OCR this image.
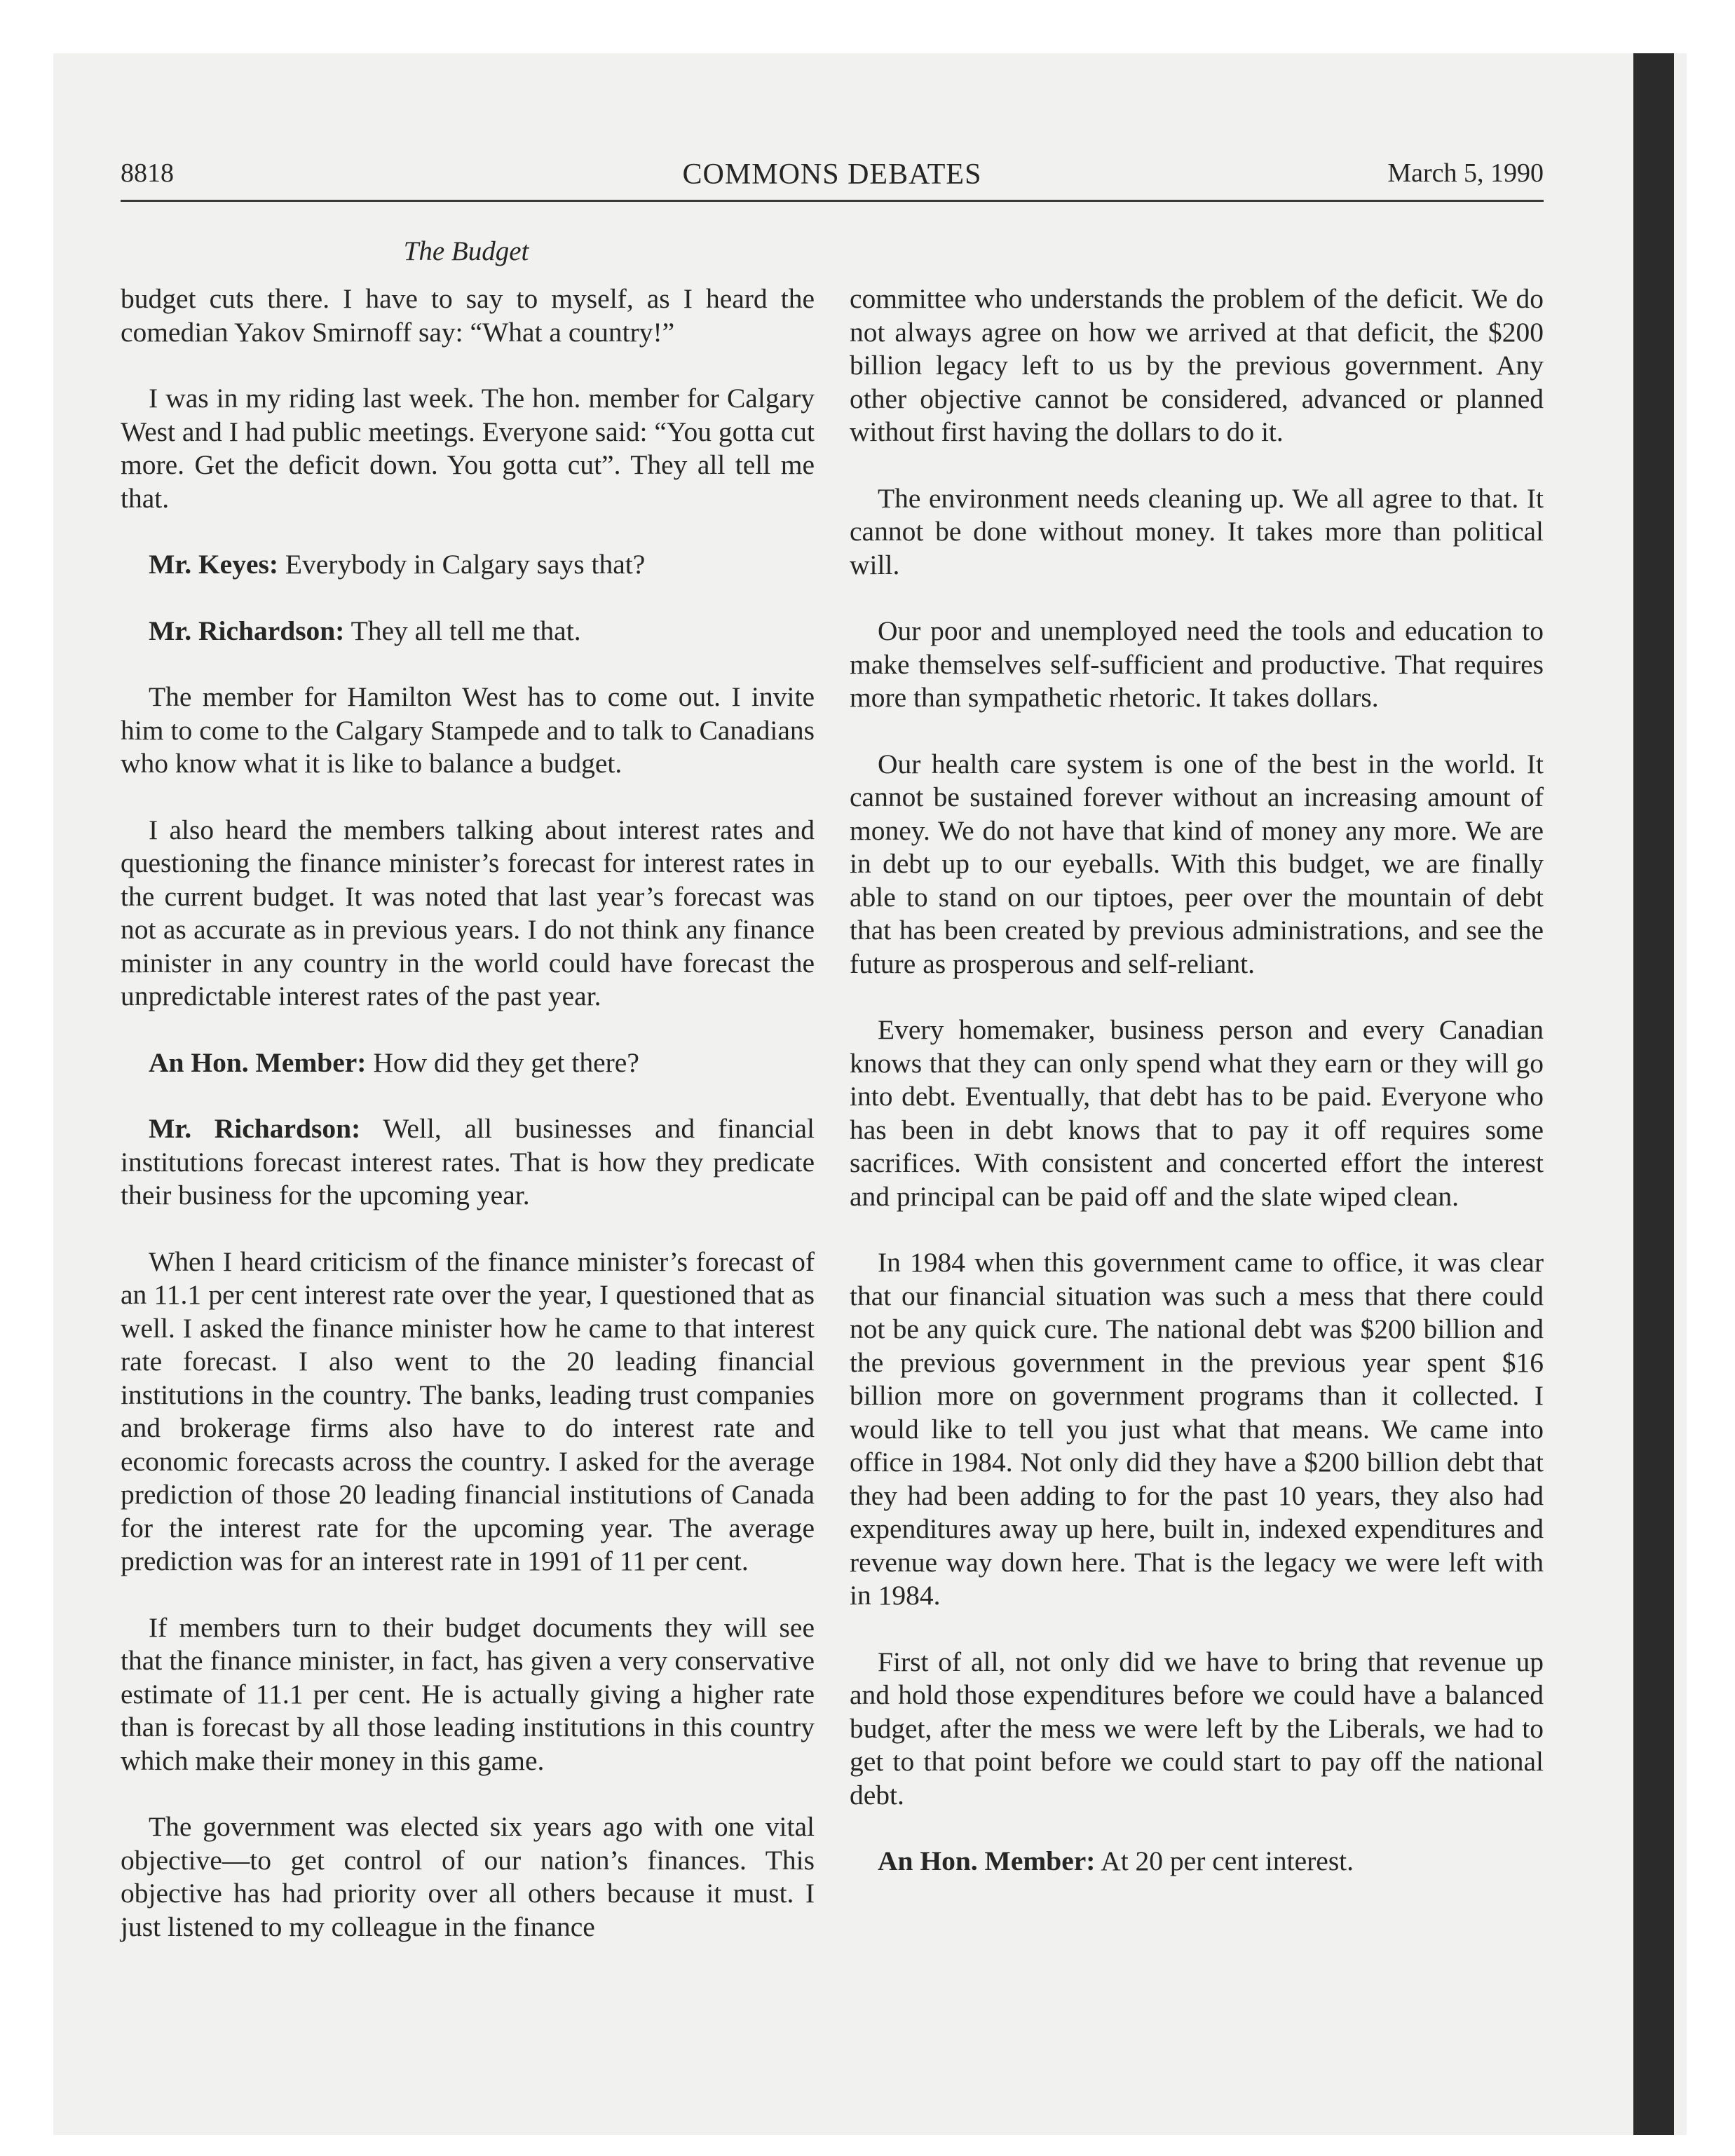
8818	COMMONS DEBATES	March 5, 1990
The Budget

budget cuts there. I have to say to myself, as I heard the comedian Yakov Smirnoff say: “What a country!”

I was in my riding last week. The hon. member for Calgary West and I had public meetings. Everyone said: “You gotta cut more. Get the deficit down. You gotta cut”. They all tell me that.

Mr. Keyes: Everybody in Calgary says that?

Mr. Richardson: They all tell me that.

The member for Hamilton West has to come out. I invite him to come to the Calgary Stampede and to talk to Canadians who know what it is like to balance a budget.

I also heard the members talking about interest rates and questioning the finance minister’s forecast for interest rates in the current budget. It was noted that last year’s forecast was not as accurate as in previous years. I do not think any finance minister in any country in the world could have forecast the unpredictable interest rates of the past year.

An Hon. Member: How did they get there?

Mr. Richardson: Well, all businesses and financial institutions forecast interest rates. That is how they predicate their business for the upcoming year.

When I heard criticism of the finance minister’s forecast of an 11.1 per cent interest rate over the year, I questioned that as well. I asked the finance minister how he came to that interest rate forecast. I also went to the 20 leading financial institutions in the country. The banks, leading trust companies and brokerage firms also have to do interest rate and economic forecasts across the country. I asked for the average prediction of those 20 leading financial institutions of Canada for the interest rate for the upcoming year. The average prediction was for an interest rate in 1991 of 11 per cent.

If members turn to their budget documents they will see that the finance minister, in fact, has given a very conservative estimate of 11.1 per cent. He is actually giving a higher rate than is forecast by all those leading institutions in this country which make their money in this game.

The government was elected six years ago with one vital objective—to get control of our nation’s finances. This objective has had priority over all others because it must. I just listened to my colleague in the finance

committee who understands the problem of the deficit. We do not always agree on how we arrived at that deficit, the $200 billion legacy left to us by the previous government. Any other objective cannot be considered, advanced or planned without first having the dollars to do it.

The environment needs cleaning up. We all agree to that. It cannot be done without money. It takes more than political will.

Our poor and unemployed need the tools and education to make themselves self-sufficient and productive. That requires more than sympathetic rhetoric. It takes dollars.

Our health care system is one of the best in the world. It cannot be sustained forever without an increasing amount of money. We do not have that kind of money any more. We are in debt up to our eyeballs. With this budget, we are finally able to stand on our tiptoes, peer over the mountain of debt that has been created by previous administrations, and see the future as prosperous and self-reliant.

Every homemaker, business person and every Canadian knows that they can only spend what they earn or they will go into debt. Eventually, that debt has to be paid. Everyone who has been in debt knows that to pay it off requires some sacrifices. With consistent and concerted effort the interest and principal can be paid off and the slate wiped clean.

In 1984 when this government came to office, it was clear that our financial situation was such a mess that there could not be any quick cure. The national debt was $200 billion and the previous government in the previous year spent $16 billion more on government programs than it collected. I would like to tell you just what that means. We came into office in 1984. Not only did they have a $200 billion debt that they had been adding to for the past 10 years, they also had expenditures away up here, built in, indexed expenditures and revenue way down here. That is the legacy we were left with in 1984.

First of all, not only did we have to bring that revenue up and hold those expenditures before we could have a balanced budget, after the mess we were left by the Liberals, we had to get to that point before we could start to pay off the national debt.

An Hon. Member: At 20 per cent interest.
